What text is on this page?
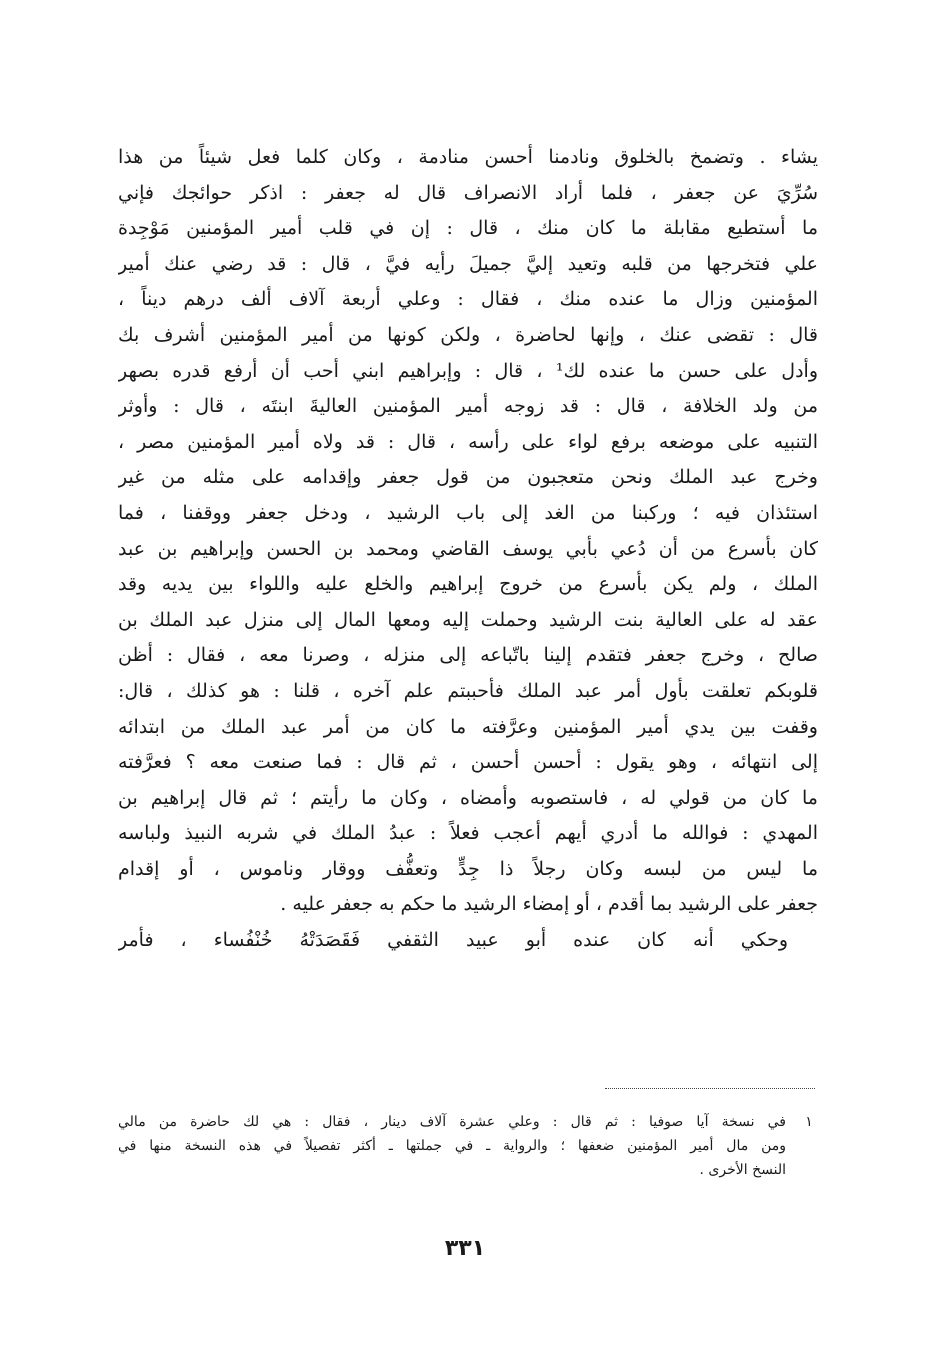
يشاء . وتضمخ بالخلوق ونادمنا أحسن منادمة ، وكان كلما فعل شيئاً من هذا
سُرِّيَ عن جعفر ، فلما أراد الانصراف قال له جعفر : اذكر حوائجك فإني
ما أستطيع مقابلة ما كان منك ، قال : إن في قلب أمير المؤمنين مَوْجِدة
علي فتخرجها من قلبه وتعيد إليَّ جميلَ رأيه فيَّ ، قال : قد رضي عنك أمير
المؤمنين وزال ما عنده منك ، فقال : وعلي أربعة آلاف ألف درهم ديناً ،
قال : تقضى عنك ، وإنها لحاضرة ، ولكن كونها من أمير المؤمنين أشرف بك
وأدل على حسن ما عنده لك¹ ، قال : وإبراهيم ابني أحب أن أرفع قدره بصهر
من ولد الخلافة ، قال : قد زوجه أمير المؤمنين العاليةَ ابنتَه ، قال : وأوثر
التنبيه على موضعه برفع لواء على رأسه ، قال : قد ولاه أمير المؤمنين مصر ،
وخرج عبد الملك ونحن متعجبون من قول جعفر وإقدامه على مثله من غير
استئذان فيه ؛ وركبنا من الغد إلى باب الرشيد ، ودخل جعفر ووقفنا ، فما
كان بأسرع من أن دُعي بأبي يوسف القاضي ومحمد بن الحسن وإبراهيم بن عبد
الملك ، ولم يكن بأسرع من خروج إبراهيم والخلع عليه واللواء بين يديه وقد
عقد له على العالية بنت الرشيد وحملت إليه ومعها المال إلى منزل عبد الملك بن
صالح ، وخرج جعفر فتقدم إلينا باتّباعه إلى منزله ، وصرنا معه ، فقال : أظن
قلوبكم تعلقت بأول أمر عبد الملك فأحببتم علم آخره ، قلنا : هو كذلك ، قال:
وقفت بين يدي أمير المؤمنين وعرَّفته ما كان من أمر عبد الملك من ابتدائه
إلى انتهائه ، وهو يقول : أحسن أحسن ، ثم قال : فما صنعت معه ؟ فعرَّفته
ما كان من قولي له ، فاستصوبه وأمضاه ، وكان ما رأيتم ؛ ثم قال إبراهيم بن
المهدي : فوالله ما أدري أيهم أعجب فعلاً : عبدُ الملك في شربه النبيذ ولباسه
ما ليس من لبسه وكان رجلاً ذا جِدٍّ وتعفُّف ووقار وناموس ، أو إقدام
جعفر على الرشيد بما أقدم ، أو إمضاء الرشيد ما حكم به جعفر عليه .
وحكي أنه كان عنده أبو عبيد الثقفي فَقَصَدَتْهُ خُنْفُساء ، فأمر
١
في نسخة آيا صوفيا : ثم قال : وعلي عشرة آلاف دينار ، فقال : هي لك حاضرة من مالي
ومن مال أمير المؤمنين ضعفها ؛ والرواية ـ في جملتها ـ أكثر تفصيلاً في هذه النسخة منها في
النسخ الأخرى .
٣٣١
